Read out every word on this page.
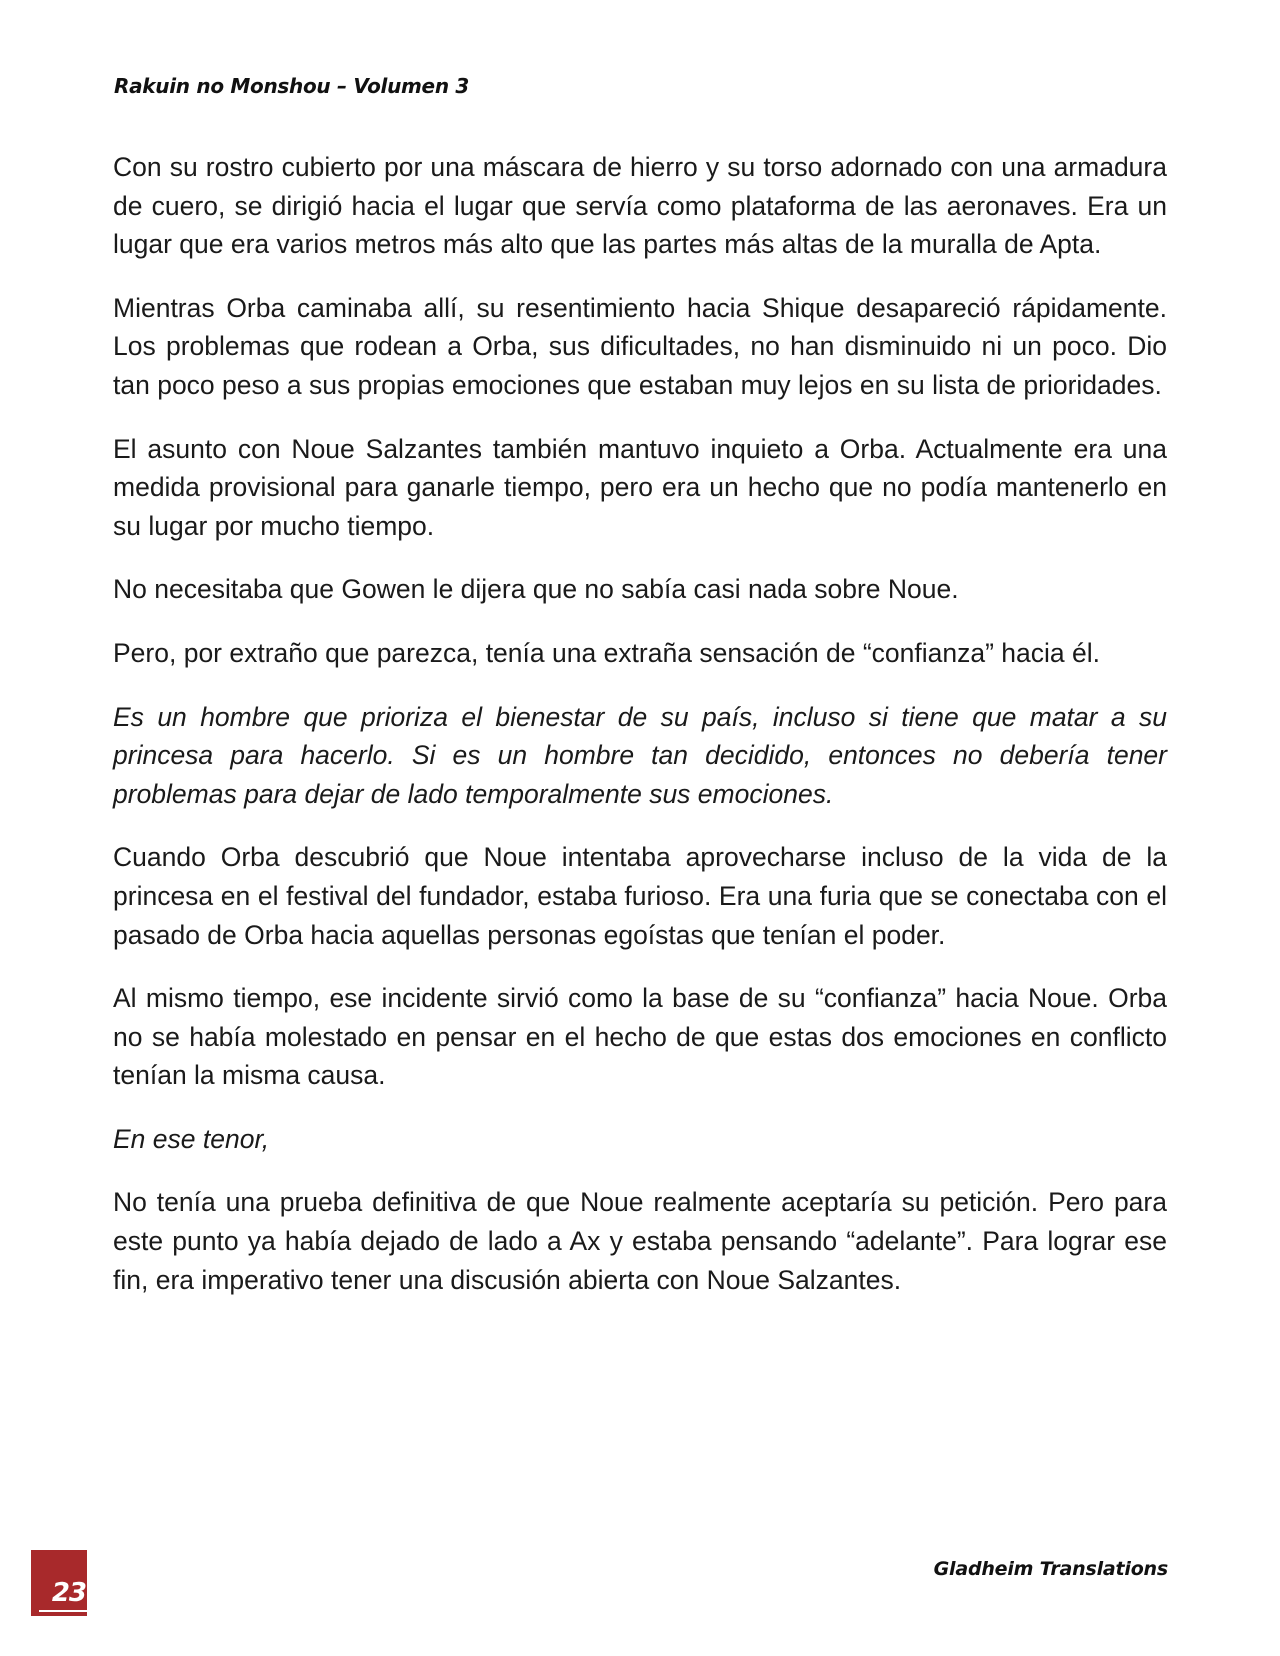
Rakuin no Monshou – Volumen 3

Con su rostro cubierto por una máscara de hierro y su torso adornado con una armadura de cuero, se dirigió hacia el lugar que servía como plataforma de las aeronaves. Era un lugar que era varios metros más alto que las partes más altas de la muralla de Apta.

Mientras Orba caminaba allí, su resentimiento hacia Shique desapareció rápidamente. Los problemas que rodean a Orba, sus dificultades, no han disminuido ni un poco. Dio tan poco peso a sus propias emociones que estaban muy lejos en su lista de prioridades.

El asunto con Noue Salzantes también mantuvo inquieto a Orba. Actualmente era una medida provisional para ganarle tiempo, pero era un hecho que no podía mantenerlo en su lugar por mucho tiempo.

No necesitaba que Gowen le dijera que no sabía casi nada sobre Noue.

Pero, por extraño que parezca, tenía una extraña sensación de “confianza” hacia él.

Es un hombre que prioriza el bienestar de su país, incluso si tiene que matar a su princesa para hacerlo. Si es un hombre tan decidido, entonces no debería tener problemas para dejar de lado temporalmente sus emociones.

Cuando Orba descubrió que Noue intentaba aprovecharse incluso de la vida de la princesa en el festival del fundador, estaba furioso. Era una furia que se conectaba con el pasado de Orba hacia aquellas personas egoístas que tenían el poder.

Al mismo tiempo, ese incidente sirvió como la base de su “confianza” hacia Noue. Orba no se había molestado en pensar en el hecho de que estas dos emociones en conflicto tenían la misma causa.

En ese tenor,

No tenía una prueba definitiva de que Noue realmente aceptaría su petición. Pero para este punto ya había dejado de lado a Ax y estaba pensando “adelante”. Para lograr ese fin, era imperativo tener una discusión abierta con Noue Salzantes.

23
Gladheim Translations
